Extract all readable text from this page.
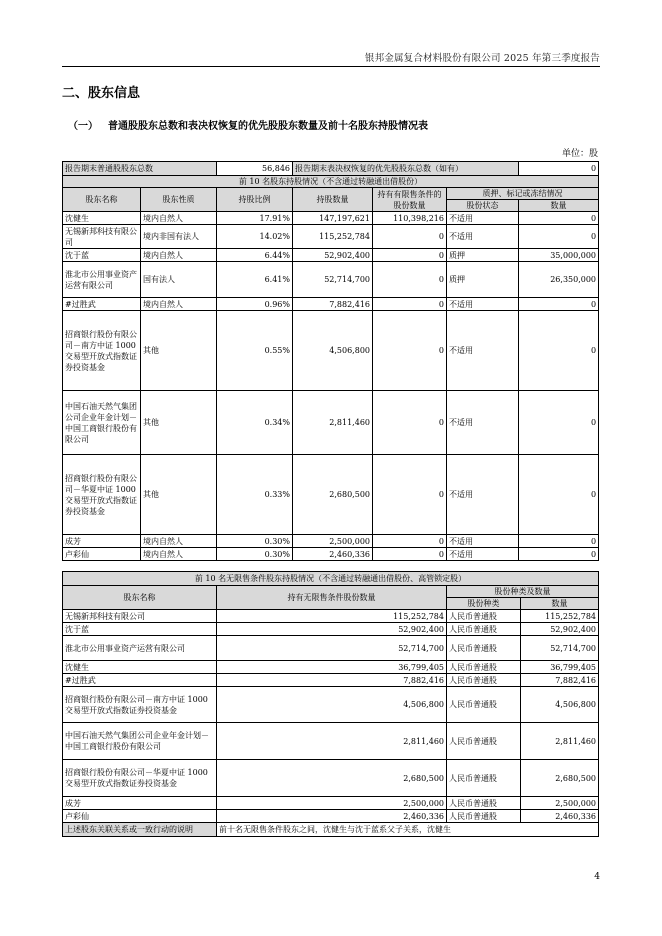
银邦金属复合材料股份有限公司 2025 年第三季度报告
二、股东信息
（一） 普通股股东总数和表决权恢复的优先股股东数量及前十名股东持股情况表
单位：股
报告期末普通股股东总数		56,846	报告期末表决权恢复的优先股股东总数（如有）			0
前 10 名股东持股情况（不含通过转融通出借股份）						
股东名称	股东性质	持股比例	持股数量	持有有限售条件的股份数量	质押、标记或冻结情况	
					股份状态	数量
沈健生	境内自然人	17.91%	147,197,621	110,398,216	不适用	0
无锡新邦科技有限公司	境内非国有法人	14.02%	115,252,784	0	不适用	0
沈于蓝	境内自然人	6.44%	52,902,400	0	质押	35,000,000
淮北市公用事业资产运营有限公司	国有法人	6.41%	52,714,700	0	质押	26,350,000
#过胜武	境内自然人	0.96%	7,882,416	0	不适用	0
招商银行股份有限公司－南方中证 1000 交易型开放式指数证券投资基金	其他	0.55%	4,506,800	0	不适用	0
中国石油天然气集团公司企业年金计划－中国工商银行股份有限公司	其他	0.34%	2,811,460	0	不适用	0
招商银行股份有限公司－华夏中证 1000 交易型开放式指数证券投资基金	其他	0.33%	2,680,500	0	不适用	0
成芳	境内自然人	0.30%	2,500,000	0	不适用	0
卢彩仙	境内自然人	0.30%	2,460,336	0	不适用	0
前 10 名无限售条件股东持股情况（不含通过转融通出借股份、高管锁定股）			
股东名称	持有无限售条件股份数量	股份种类及数量	
		股份种类	数量
无锡新邦科技有限公司	115,252,784	人民币普通股	115,252,784
沈于蓝	52,902,400	人民币普通股	52,902,400
淮北市公用事业资产运营有限公司	52,714,700	人民币普通股	52,714,700
沈健生	36,799,405	人民币普通股	36,799,405
#过胜武	7,882,416	人民币普通股	7,882,416
招商银行股份有限公司－南方中证 1000 交易型开放式指数证券投资基金	4,506,800	人民币普通股	4,506,800
中国石油天然气集团公司企业年金计划－中国工商银行股份有限公司	2,811,460	人民币普通股	2,811,460
招商银行股份有限公司－华夏中证 1000 交易型开放式指数证券投资基金	2,680,500	人民币普通股	2,680,500
成芳	2,500,000	人民币普通股	2,500,000
卢彩仙	2,460,336	人民币普通股	2,460,336
上述股东关联关系或一致行动的说明	前十名无限售条件股东之间，沈健生与沈于蓝系父子关系，沈健生		
4
